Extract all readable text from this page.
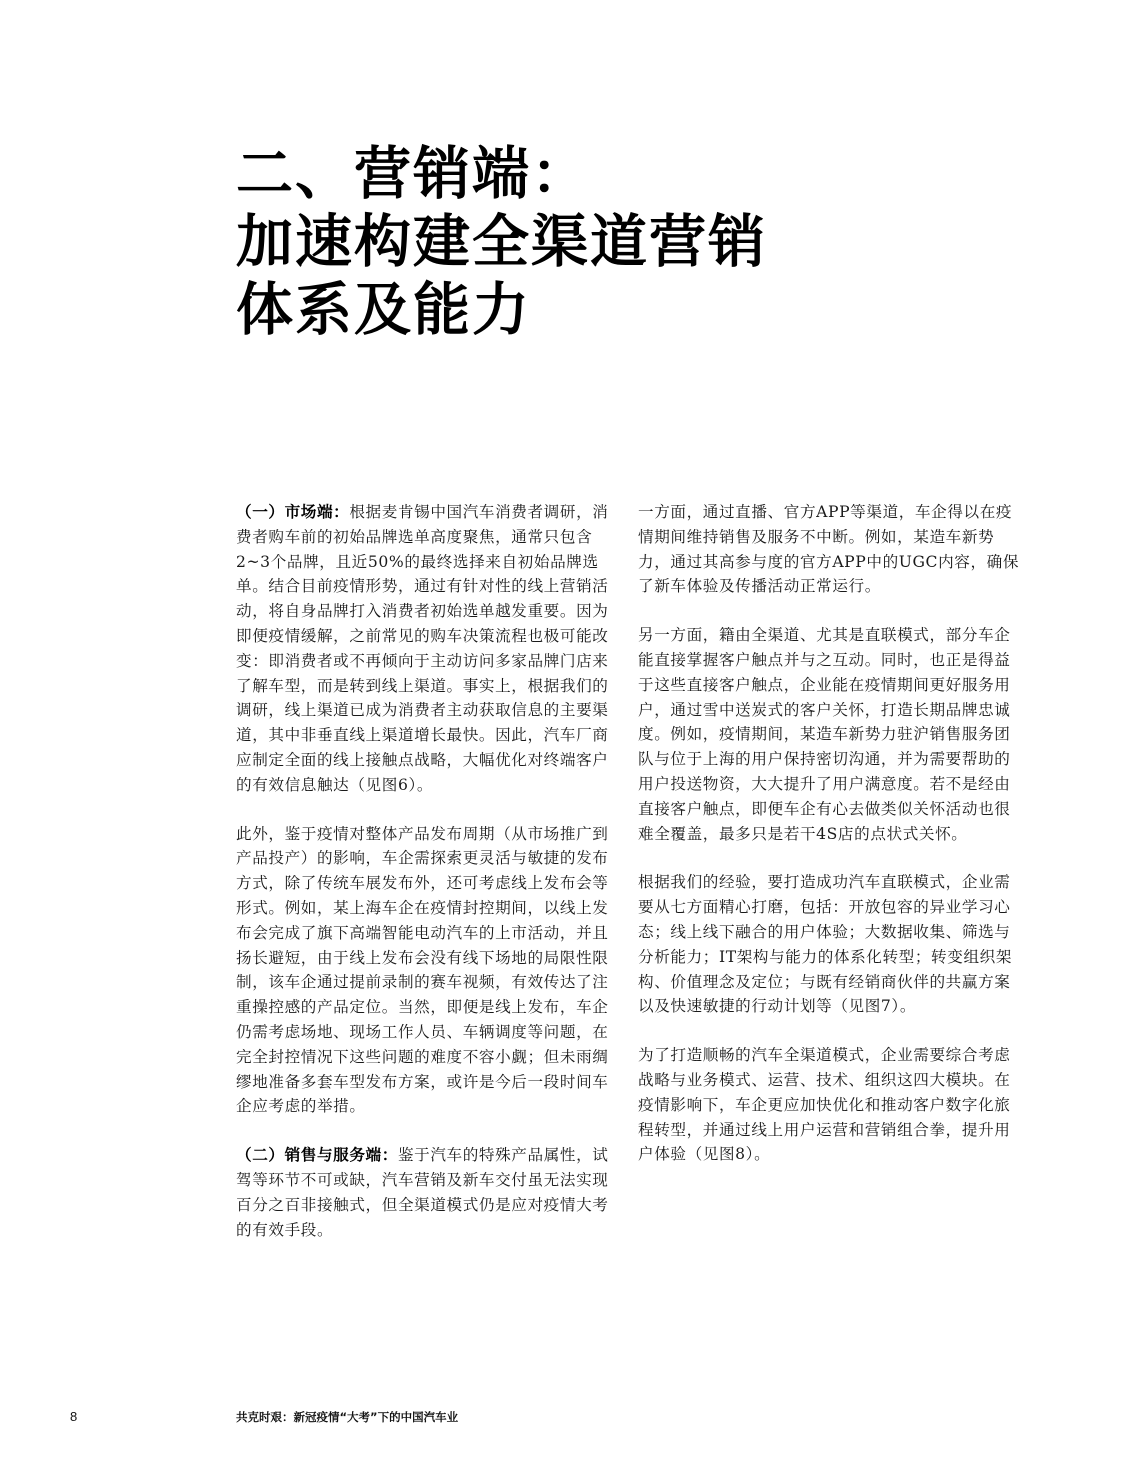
二、营销端：
加速构建全渠道营销
体系及能力

（一）市场端：根据麦肯锡中国汽车消费者调研，消费者购车前的初始品牌选单高度聚焦，通常只包含2~3个品牌，且近50%的最终选择来自初始品牌选单。结合目前疫情形势，通过有针对性的线上营销活动，将自身品牌打入消费者初始选单越发重要。因为即便疫情缓解，之前常见的购车决策流程也极可能改变：即消费者或不再倾向于主动访问多家品牌门店来了解车型，而是转到线上渠道。事实上，根据我们的调研，线上渠道已成为消费者主动获取信息的主要渠道，其中非垂直线上渠道增长最快。因此，汽车厂商应制定全面的线上接触点战略，大幅优化对终端客户的有效信息触达（见图6）。

此外，鉴于疫情对整体产品发布周期（从市场推广到产品投产）的影响，车企需探索更灵活与敏捷的发布方式，除了传统车展发布外，还可考虑线上发布会等形式。例如，某上海车企在疫情封控期间，以线上发布会完成了旗下高端智能电动汽车的上市活动，并且扬长避短，由于线上发布会没有线下场地的局限性限制，该车企通过提前录制的赛车视频，有效传达了注重操控感的产品定位。当然，即便是线上发布，车企仍需考虑场地、现场工作人员、车辆调度等问题，在完全封控情况下这些问题的难度不容小觑；但未雨绸缪地准备多套车型发布方案，或许是今后一段时间车企应考虑的举措。

（二）销售与服务端：鉴于汽车的特殊产品属性，试驾等环节不可或缺，汽车营销及新车交付虽无法实现百分之百非接触式，但全渠道模式仍是应对疫情大考的有效手段。

一方面，通过直播、官方APP等渠道，车企得以在疫情期间维持销售及服务不中断。例如，某造车新势力，通过其高参与度的官方APP中的UGC内容，确保了新车体验及传播活动正常运行。

另一方面，籍由全渠道、尤其是直联模式，部分车企能直接掌握客户触点并与之互动。同时，也正是得益于这些直接客户触点，企业能在疫情期间更好服务用户，通过雪中送炭式的客户关怀，打造长期品牌忠诚度。例如，疫情期间，某造车新势力驻沪销售服务团队与位于上海的用户保持密切沟通，并为需要帮助的用户投送物资，大大提升了用户满意度。若不是经由直接客户触点，即便车企有心去做类似关怀活动也很难全覆盖，最多只是若干4S店的点状式关怀。

根据我们的经验，要打造成功汽车直联模式，企业需要从七方面精心打磨，包括：开放包容的异业学习心态；线上线下融合的用户体验；大数据收集、筛选与分析能力；IT架构与能力的体系化转型；转变组织架构、价值理念及定位；与既有经销商伙伴的共赢方案以及快速敏捷的行动计划等（见图7）。

为了打造顺畅的汽车全渠道模式，企业需要综合考虑战略与业务模式、运营、技术、组织这四大模块。在疫情影响下，车企更应加快优化和推动客户数字化旅程转型，并通过线上用户运营和营销组合拳，提升用户体验（见图8）。

8	共克时艰：新冠疫情“大考”下的中国汽车业
